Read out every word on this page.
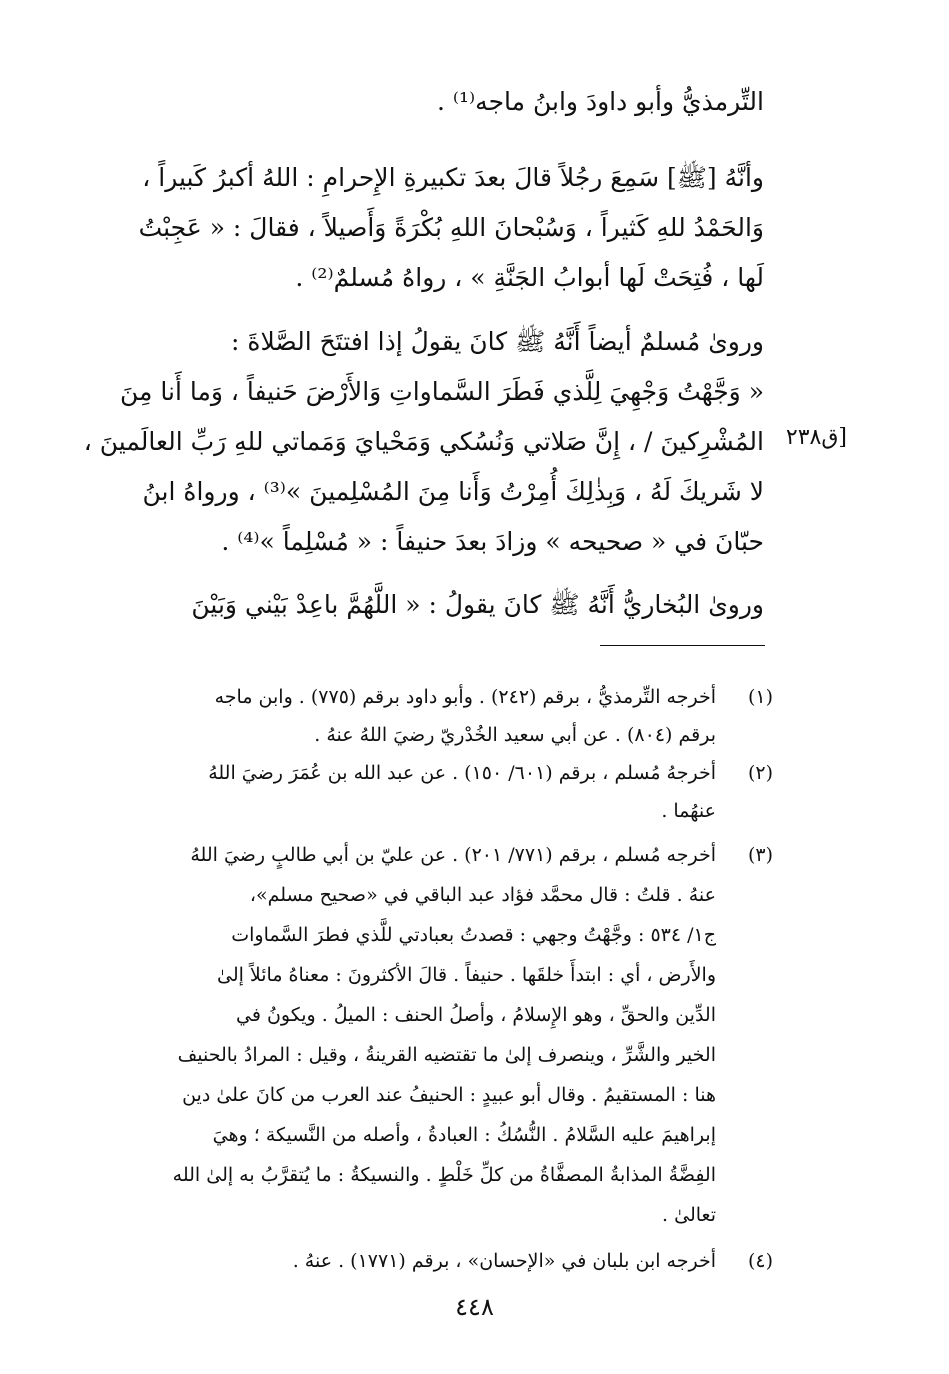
التِّرمذيُّ وأبو داودَ وابنُ ماجه⁽¹⁾ .
وأنَّهُ [ﷺ] سَمِعَ رجُلاً قالَ بعدَ تكبيرةِ الإِحرامِ : اللهُ أكبرُ كَبيراً ،
وَالحَمْدُ للهِ كَثيراً ، وَسُبْحانَ اللهِ بُكْرَةً وَأَصيلاً ، فقالَ : « عَجِبْتُ
لَها ، فُتِحَتْ لَها أبوابُ الجَنَّةِ » ، رواهُ مُسلمٌ⁽²⁾ .
وروىٰ مُسلمٌ أيضاً أَنَّهُ ﷺ كانَ يقولُ إذا افتتَحَ الصَّلاةَ :
« وَجَّهْتُ وَجْهِيَ لِلَّذي فَطَرَ السَّماواتِ وَالأَرْضَ حَنيفاً ، وَما أَنا مِنَ
المُشْرِكينَ / ، إِنَّ صَلاتي وَنُسُكي وَمَحْيايَ وَمَماتي للهِ رَبِّ العالَمينَ ،
لا شَريكَ لَهُ ، وَبِذٰلِكَ أُمِرْتُ وَأَنا مِنَ المُسْلِمينَ »⁽³⁾ ، ورواهُ ابنُ
حبّانَ في « صحيحه » وزادَ بعدَ حنيفاً : « مُسْلِماً »⁽⁴⁾ .
وروىٰ البُخاريُّ أَنَّهُ ﷺ كانَ يقولُ : « اللَّهُمَّ باعِدْ بَيْني وَبَيْنَ
[ق٢٣٨
(١)
أخرجه التِّرمذيُّ ، برقم (٢٤٢) . وأبو داود برقم (٧٧٥) . وابن ماجه
برقم (٨٠٤) . عن أبي سعيد الخُدْريّ رضيَ اللهُ عنهُ .
(٢)
أخرجهُ مُسلم ، برقم (٦٠١/ ١٥٠) . عن عبد الله بن عُمَرَ رضيَ اللهُ
عنهُما .
(٣)
أخرجه مُسلم ، برقم (٧٧١/ ٢٠١) . عن عليّ بن أبي طالبٍ رضيَ اللهُ
عنهُ . قلتُ : قال محمَّد فؤاد عبد الباقي في «صحيح مسلم»،
ج١/ ٥٣٤ : وجَّهْتُ وجهي : قصدتُ بعبادتي للَّذي فطرَ السَّماوات
والأَرض ، أي : ابتدأَ خلقَها . حنيفاً . قالَ الأكثرونَ : معناهُ مائلاً إلىٰ
الدِّين والحقِّ ، وهو الإِسلامُ ، وأصلُ الحنف : الميلُ . ويكونُ في
الخير والشَّرِّ ، وينصرف إلىٰ ما تقتضيه القرينةُ ، وقيل : المرادُ بالحنيف
هنا : المستقيمُ . وقال أبو عبيدٍ : الحنيفُ عند العرب من كانَ علىٰ دين
إبراهيمَ عليه السَّلامُ . النُّسُكُ : العبادةُ ، وأصله من النَّسيكة ؛ وهيَ
الفِضَّةُ المذابةُ المصفَّاةُ من كلِّ خَلْطٍ . والنسيكةُ : ما يُتقرَّبُ به إلىٰ الله
تعالىٰ .
(٤)
أخرجه ابن بلبان في «الإحسان» ، برقم (١٧٧١) . عنهُ .
٤٤٨
